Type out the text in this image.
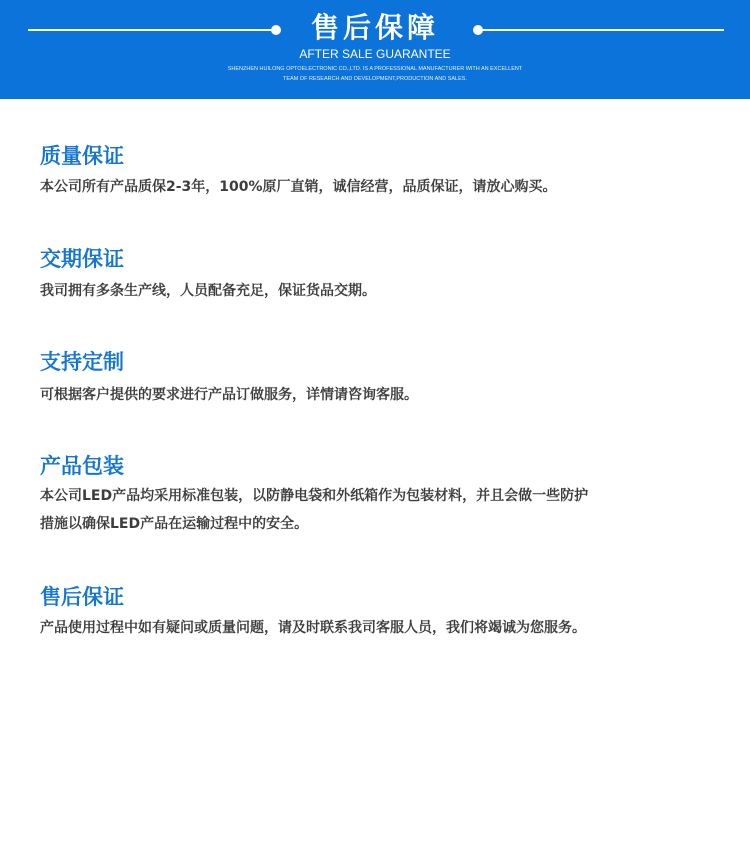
售后保障
AFTER SALE GUARANTEE
SHENZHEN HUILONG OPTOELECTRONIC CO.,LTD. IS A PROFESSIONAL MANUFACTURER WITH AN EXCELLENT
TEAM OF RESEARCH AND DEVELOPMENT,PRODUCTION AND SALES.
质量保证

本公司所有产品质保2-3年，100%原厂直销，诚信经营，品质保证，请放心购买。

交期保证

我司拥有多条生产线，人员配备充足，保证货品交期。

支持定制

可根据客户提供的要求进行产品订做服务，详情请咨询客服。

产品包装

本公司LED产品均采用标准包装，以防静电袋和外纸箱作为包装材料，并且会做一些防护

措施以确保LED产品在运输过程中的安全。

售后保证

产品使用过程中如有疑问或质量问题，请及时联系我司客服人员，我们将竭诚为您服务。
